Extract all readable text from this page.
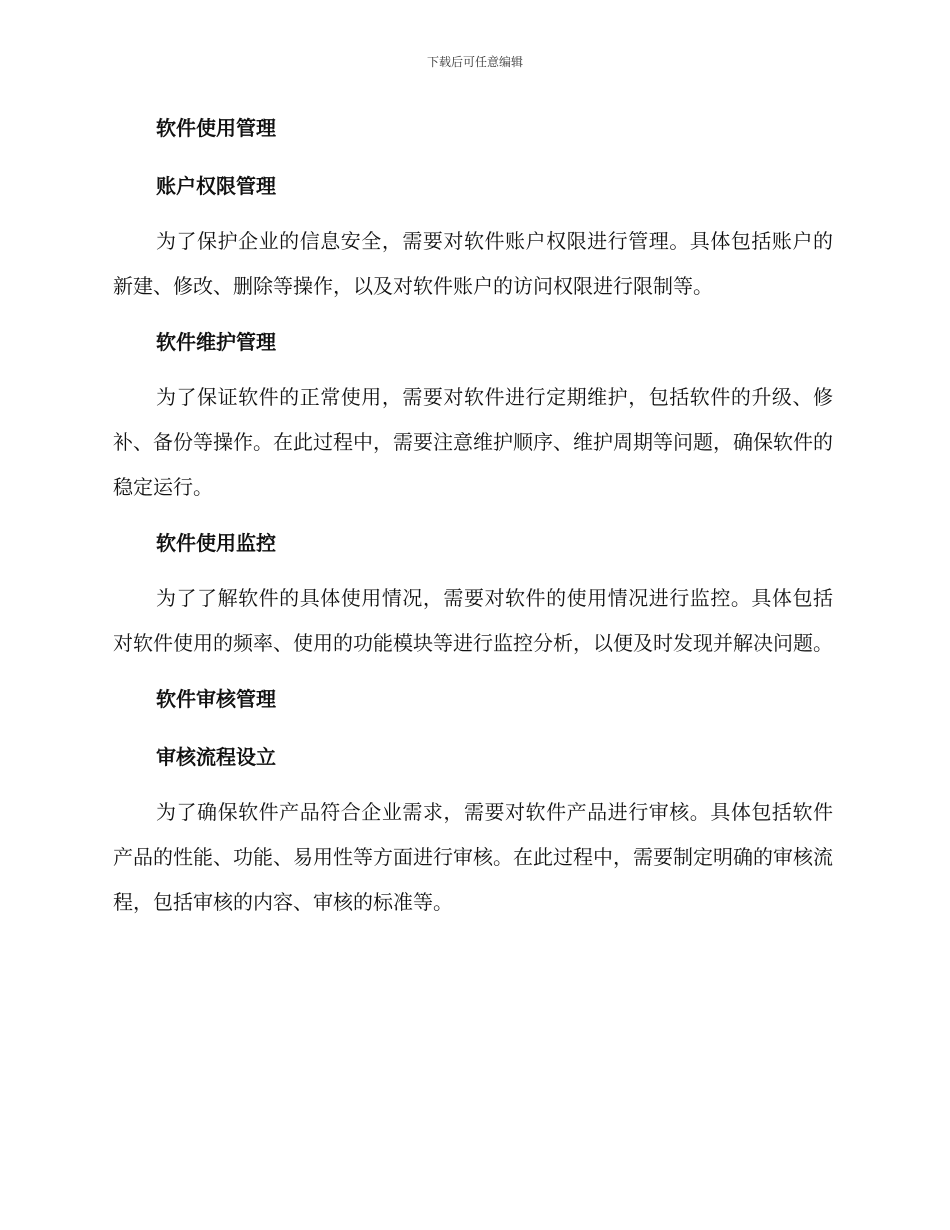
下载后可任意编辑
软件使用管理
账户权限管理

为了保护企业的信息安全，需要对软件账户权限进行管理。具体包括账户的新建、修改、删除等操作，以及对软件账户的访问权限进行限制等。

软件维护管理

为了保证软件的正常使用，需要对软件进行定期维护，包括软件的升级、修补、备份等操作。在此过程中，需要注意维护顺序、维护周期等问题，确保软件的稳定运行。

软件使用监控

为了了解软件的具体使用情况，需要对软件的使用情况进行监控。具体包括对软件使用的频率、使用的功能模块等进行监控分析，以便及时发现并解决问题。

软件审核管理
审核流程设立

为了确保软件产品符合企业需求，需要对软件产品进行审核。具体包括软件产品的性能、功能、易用性等方面进行审核。在此过程中，需要制定明确的审核流程，包括审核的内容、审核的标准等。
